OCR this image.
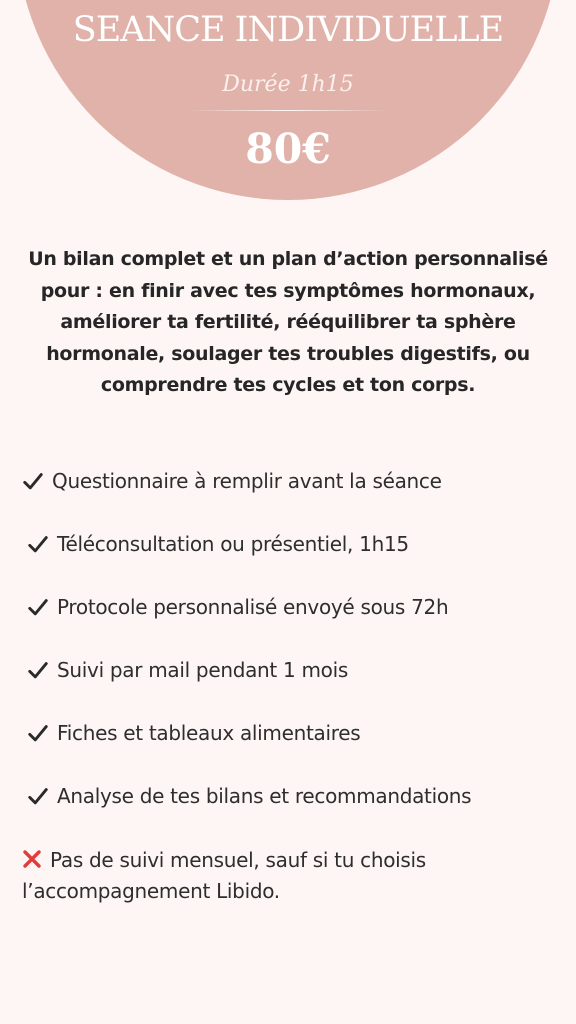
SEANCE INDIVIDUELLE
Durée 1h15
80€
Un bilan complet et un plan d’action personnalisé pour : en finir avec tes symptômes hormonaux, améliorer ta fertilité, rééquilibrer ta sphère hormonale, soulager tes troubles digestifs, ou comprendre tes cycles et ton corps.
Questionnaire à remplir avant la séance
Téléconsultation ou présentiel, 1h15
Protocole personnalisé envoyé sous 72h
Suivi par mail pendant 1 mois
Fiches et tableaux alimentaires
Analyse de tes bilans et recommandations
Pas de suivi mensuel, sauf si tu choisis l’accompagnement Libido.
